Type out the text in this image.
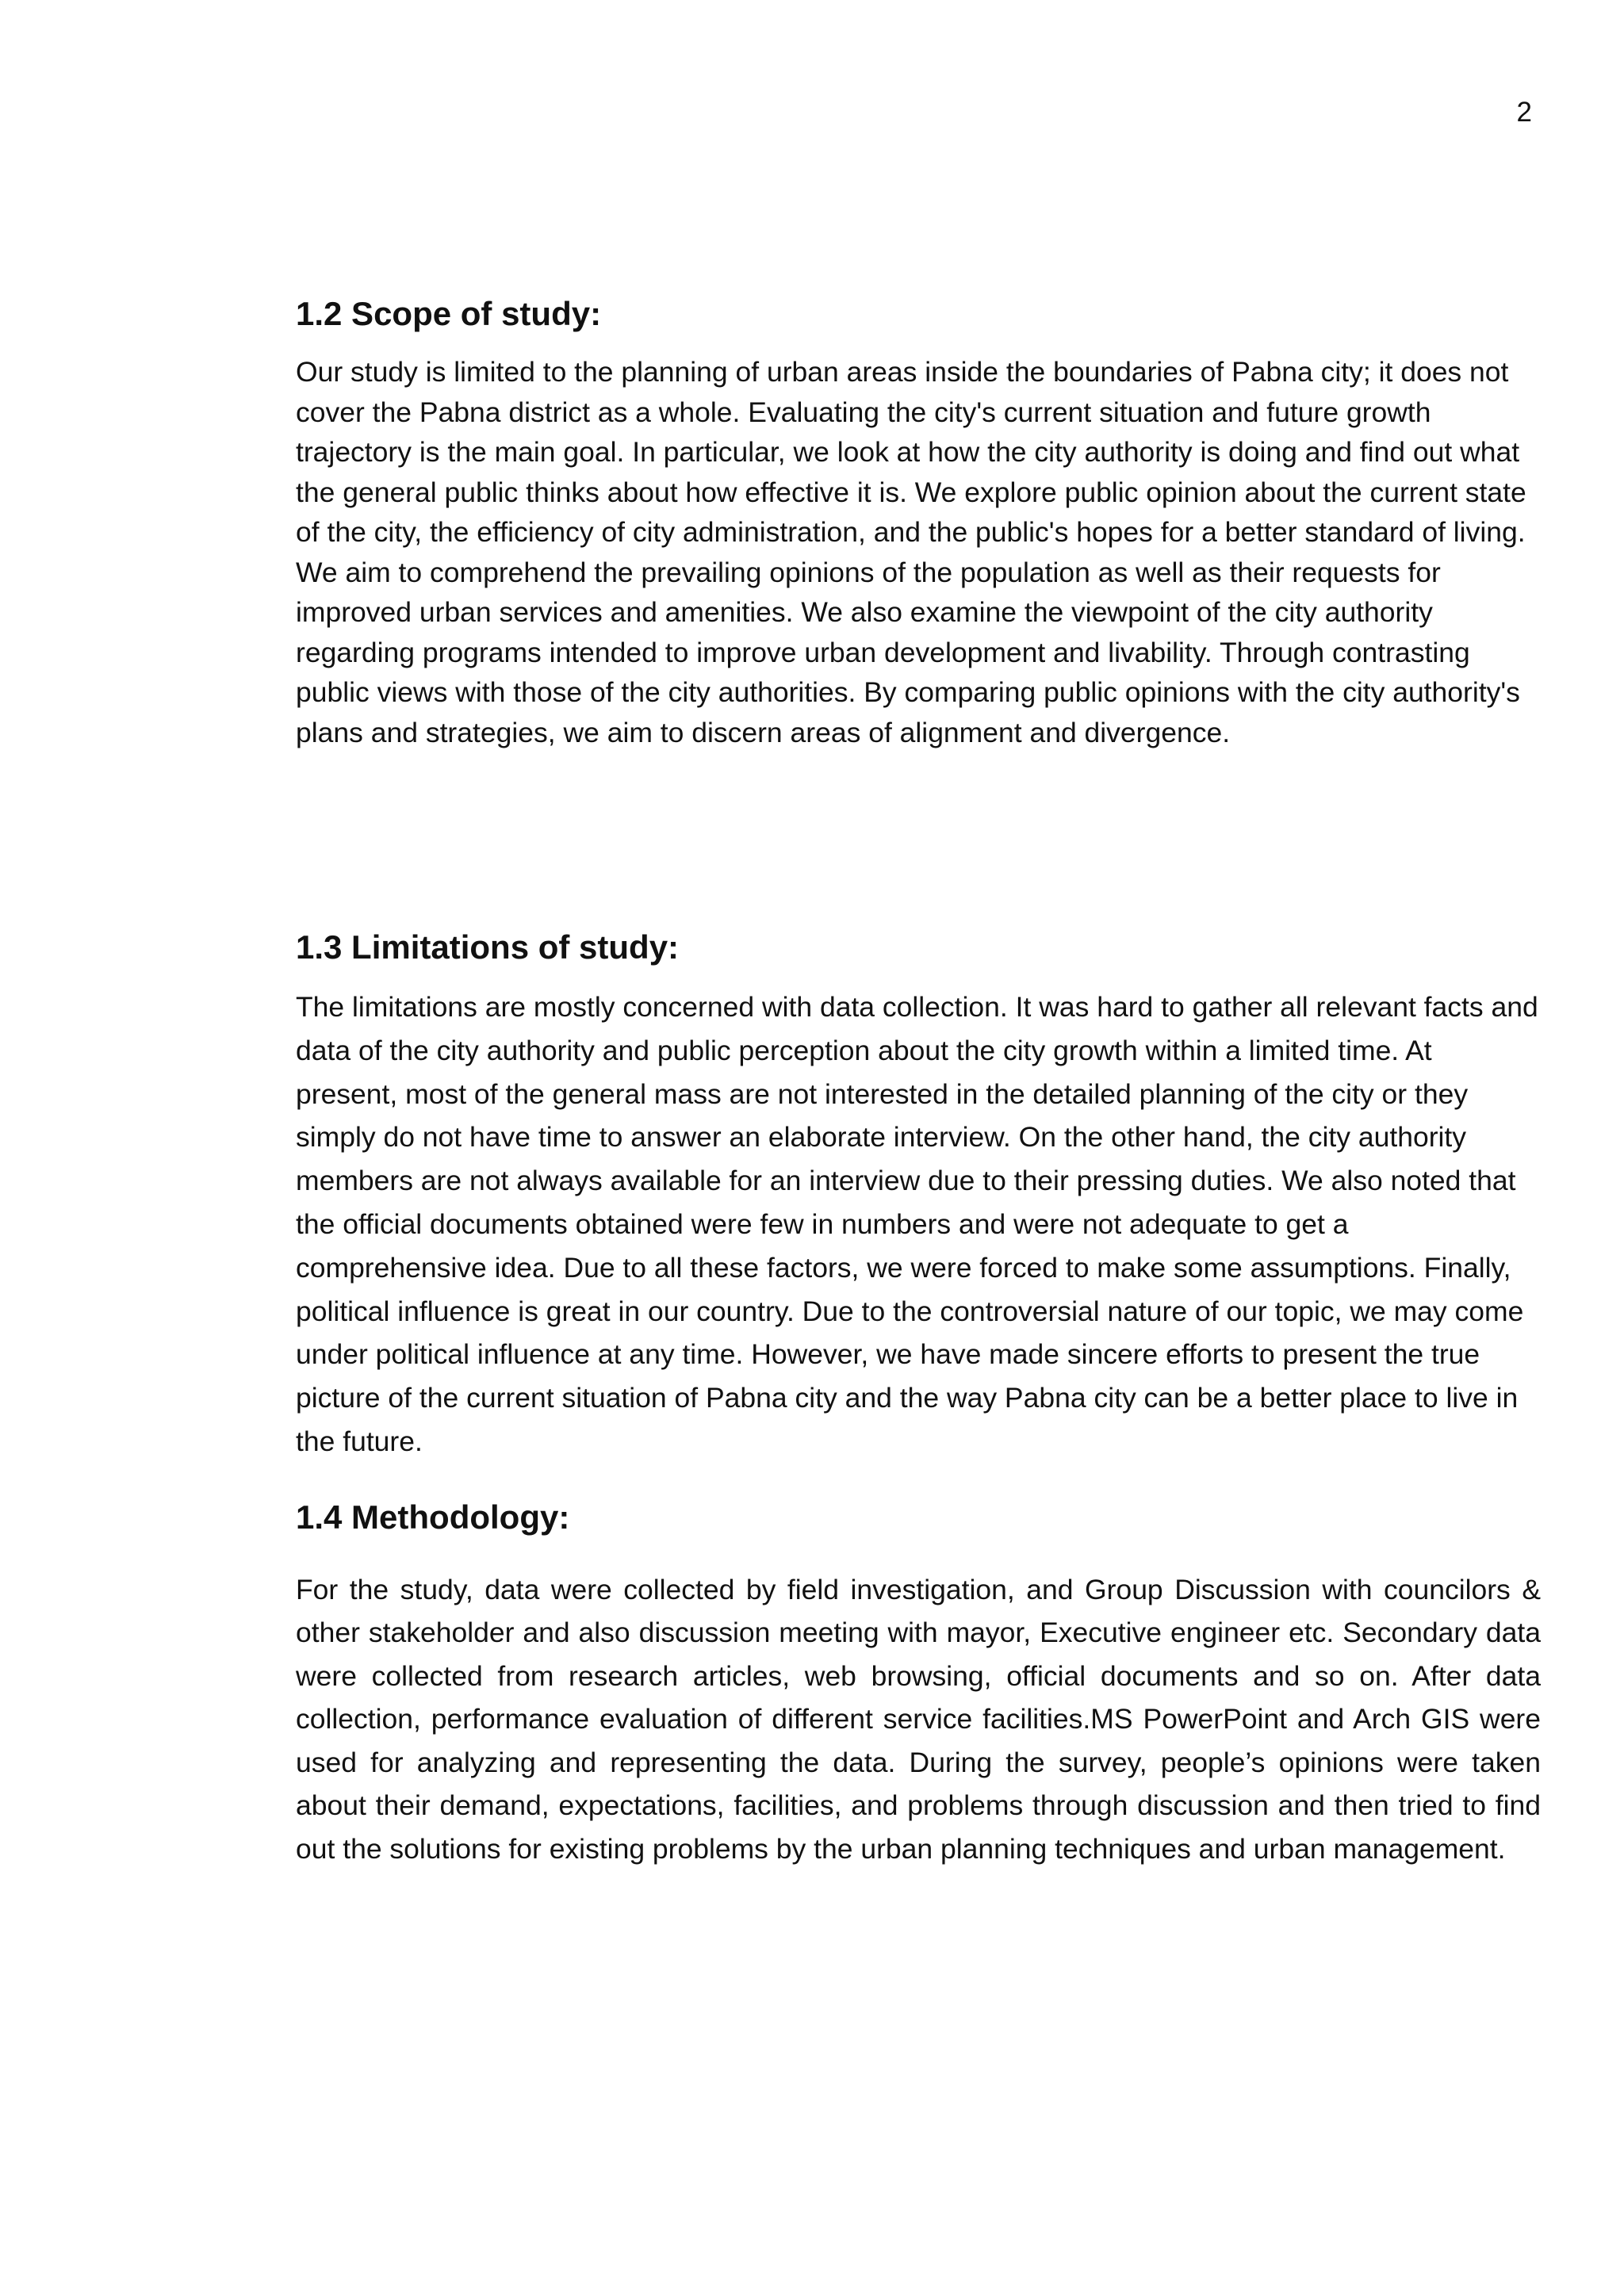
2
1.2 Scope of study:

Our study is limited to the planning of urban areas inside the boundaries of Pabna city; it does not cover the Pabna district as a whole. Evaluating the city's current situation and future growth trajectory is the main goal. In particular, we look at how the city authority is doing and find out what the general public thinks about how effective it is. We explore public opinion about the current state of the city, the efficiency of city administration, and the public's hopes for a better standard of living. We aim to comprehend the prevailing opinions of the population as well as their requests for improved urban services and amenities. We also examine the viewpoint of the city authority regarding programs intended to improve urban development and livability. Through contrasting public views with those of the city authorities. By comparing public opinions with the city authority's plans and strategies, we aim to discern areas of alignment and divergence.

1.3 Limitations of study:

The limitations are mostly concerned with data collection. It was hard to gather all relevant facts and data of the city authority and public perception about the city growth within a limited time. At present, most of the general mass are not interested in the detailed planning of the city or they simply do not have time to answer an elaborate interview. On the other hand, the city authority members are not always available for an interview due to their pressing duties. We also noted that the official documents obtained were few in numbers and were not adequate to get a comprehensive idea. Due to all these factors, we were forced to make some assumptions. Finally, political influence is great in our country. Due to the controversial nature of our topic, we may come under political influence at any time. However, we have made sincere efforts to present the true picture of the current situation of Pabna city and the way Pabna city can be a better place to live in the future.

1.4 Methodology:

For the study, data were collected by field investigation, and Group Discussion with councilors & other stakeholder and also discussion meeting with mayor, Executive engineer etc. Secondary data were collected from research articles, web browsing, official documents and so on. After data collection, performance evaluation of different service facilities.MS PowerPoint and Arch GIS were used for analyzing and representing the data. During the survey, people’s opinions were taken about their demand, expectations, facilities, and problems through discussion and then tried to find out the solutions for existing problems by the urban planning techniques and urban management.
